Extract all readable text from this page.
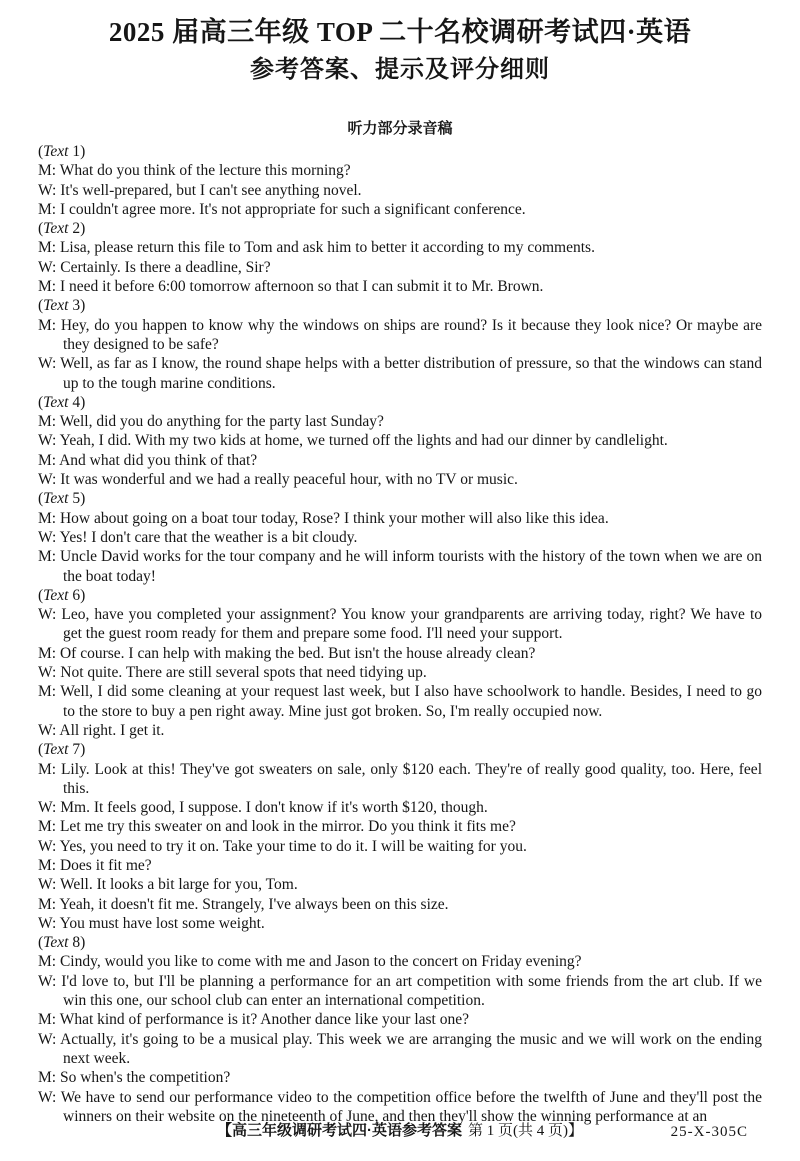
2025 届高三年级 TOP 二十名校调研考试四·英语
参考答案、提示及评分细则
听力部分录音稿
(Text 1)
M: What do you think of the lecture this morning?
W: It's well-prepared, but I can't see anything novel.
M: I couldn't agree more. It's not appropriate for such a significant conference.
(Text 2)
M: Lisa, please return this file to Tom and ask him to better it according to my comments.
W: Certainly. Is there a deadline, Sir?
M: I need it before 6:00 tomorrow afternoon so that I can submit it to Mr. Brown.
(Text 3)
M: Hey, do you happen to know why the windows on ships are round? Is it because they look nice? Or maybe are they designed to be safe?
W: Well, as far as I know, the round shape helps with a better distribution of pressure, so that the windows can stand up to the tough marine conditions.
(Text 4)
M: Well, did you do anything for the party last Sunday?
W: Yeah, I did. With my two kids at home, we turned off the lights and had our dinner by candlelight.
M: And what did you think of that?
W: It was wonderful and we had a really peaceful hour, with no TV or music.
(Text 5)
M: How about going on a boat tour today, Rose? I think your mother will also like this idea.
W: Yes! I don't care that the weather is a bit cloudy.
M: Uncle David works for the tour company and he will inform tourists with the history of the town when we are on the boat today!
(Text 6)
W: Leo, have you completed your assignment? You know your grandparents are arriving today, right? We have to get the guest room ready for them and prepare some food. I'll need your support.
M: Of course. I can help with making the bed. But isn't the house already clean?
W: Not quite. There are still several spots that need tidying up.
M: Well, I did some cleaning at your request last week, but I also have schoolwork to handle. Besides, I need to go to the store to buy a pen right away. Mine just got broken. So, I'm really occupied now.
W: All right. I get it.
(Text 7)
M: Lily. Look at this! They've got sweaters on sale, only $120 each. They're of really good quality, too. Here, feel this.
W: Mm. It feels good, I suppose. I don't know if it's worth $120, though.
M: Let me try this sweater on and look in the mirror. Do you think it fits me?
W: Yes, you need to try it on. Take your time to do it. I will be waiting for you.
M: Does it fit me?
W: Well. It looks a bit large for you, Tom.
M: Yeah, it doesn't fit me. Strangely, I've always been on this size.
W: You must have lost some weight.
(Text 8)
M: Cindy, would you like to come with me and Jason to the concert on Friday evening?
W: I'd love to, but I'll be planning a performance for an art competition with some friends from the art club. If we win this one, our school club can enter an international competition.
M: What kind of performance is it? Another dance like your last one?
W: Actually, it's going to be a musical play. This week we are arranging the music and we will work on the ending next week.
M: So when's the competition?
W: We have to send our performance video to the competition office before the twelfth of June and they'll post the winners on their website on the nineteenth of June, and then they'll show the winning performance at an
【高三年级调研考试四·英语参考答案 第 1 页(共 4 页)】	25-X-305C
